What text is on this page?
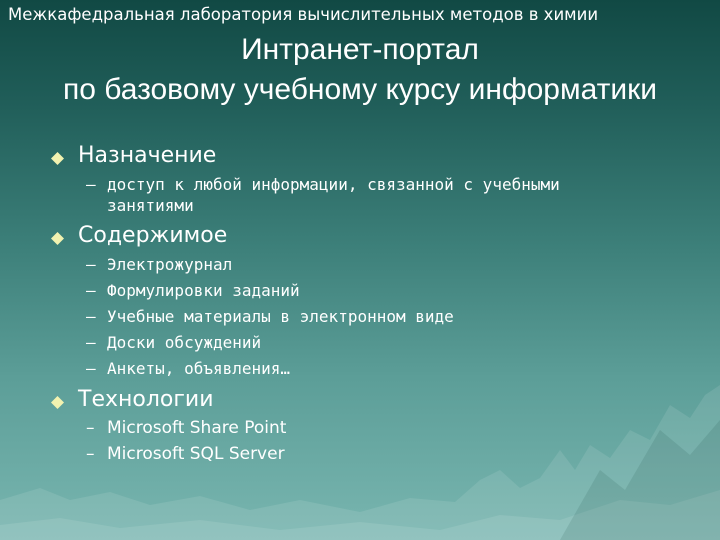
Межкафедральная лаборатория вычислительных методов в химии

Интранет-портал
по базовому учебному курсу информатики

Назначение

– доступ к любой информации, связанной с учебными
занятиями

Содержимое

– Электрожурнал
– Формулировки заданий
– Учебные материалы в электронном виде
– Доски обсуждений
– Анкеты, объявления…

Технологии

– Microsoft Share Point
– Microsoft SQL Server
